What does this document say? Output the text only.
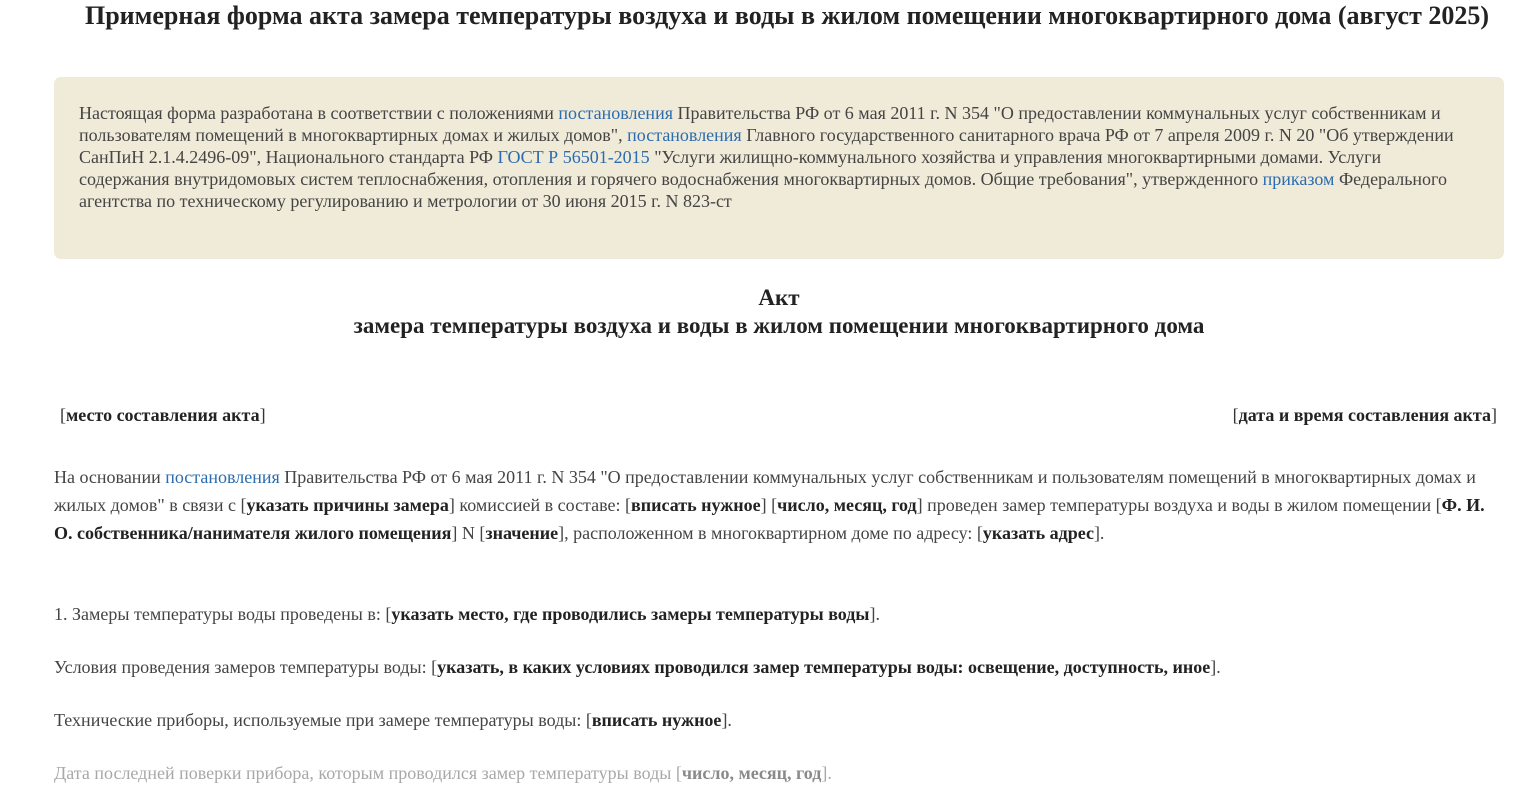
Примерная форма акта замера температуры воздуха и воды в жилом помещении многоквартирного дома (август 2025)
Настоящая форма разработана в соответствии с положениями постановления Правительства РФ от 6 мая 2011 г. N 354 "О предоставлении коммунальных услуг собственникам и пользователям помещений в многоквартирных домах и жилых домов", постановления Главного государственного санитарного врача РФ от 7 апреля 2009 г. N 20 "Об утверждении СанПиН 2.1.4.2496-09", Национального стандарта РФ ГОСТ Р 56501-2015 "Услуги жилищно-коммунального хозяйства и управления многоквартирными домами. Услуги содержания внутридомовых систем теплоснабжения, отопления и горячего водоснабжения многоквартирных домов. Общие требования", утвержденного приказом Федерального агентства по техническому регулированию и метрологии от 30 июня 2015 г. N 823-ст
Акт
замера температуры воздуха и воды в жилом помещении многоквартирного дома
[место составления акта]	[дата и время составления акта]

На основании постановления Правительства РФ от 6 мая 2011 г. N 354 "О предоставлении коммунальных услуг собственникам и пользователям помещений в многоквартирных домах и жилых домов" в связи с [указать причины замера] комиссией в составе: [вписать нужное] [число, месяц, год] проведен замер температуры воздуха и воды в жилом помещении [Ф. И. О. собственника/нанимателя жилого помещения] N [значение], расположенном в многоквартирном доме по адресу: [указать адрес].

1. Замеры температуры воды проведены в: [указать место, где проводились замеры температуры воды].

Условия проведения замеров температуры воды: [указать, в каких условиях проводился замер температуры воды: освещение, доступность, иное].

Технические приборы, используемые при замере температуры воды: [вписать нужное].

Дата последней поверки прибора, которым проводился замер температуры воды [число, месяц, год].
